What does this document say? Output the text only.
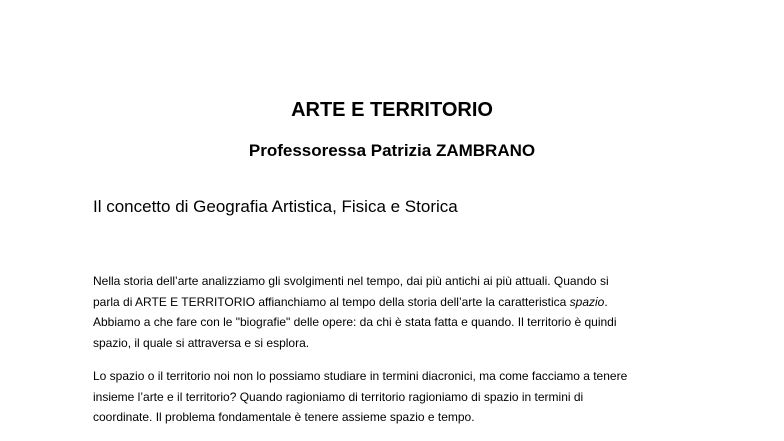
ARTE E TERRITORIO
Professoressa Patrizia ZAMBRANO
Il concetto di Geografia Artistica, Fisica e Storica

Nella storia dell’arte analizziamo gli svolgimenti nel tempo, dai più antichi ai più attuali. Quando si
parla di ARTE E TERRITORIO affianchiamo al tempo della storia dell’arte la caratteristica spazio.
Abbiamo a che fare con le "biografie" delle opere: da chi è stata fatta e quando. Il territorio è quindi
spazio, il quale si attraversa e si esplora.

Lo spazio o il territorio noi non lo possiamo studiare in termini diacronici, ma come facciamo a tenere
insieme l’arte e il territorio? Quando ragioniamo di territorio ragioniamo di spazio in termini di
coordinate. Il problema fondamentale è tenere assieme spazio e tempo.
